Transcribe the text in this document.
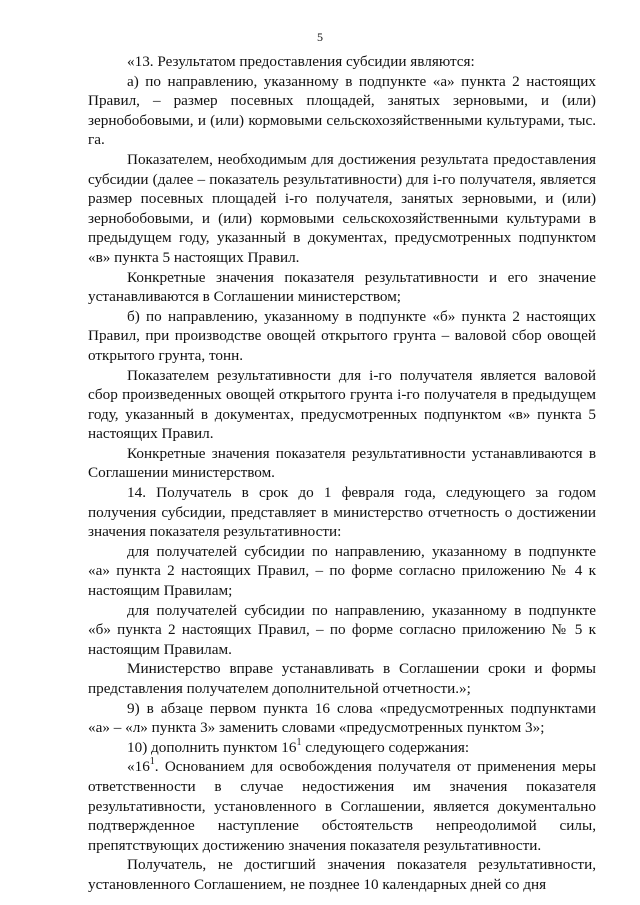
5

«13. Результатом предоставления субсидии являются:

а) по направлению, указанному в подпункте «а» пункта 2 настоящих Правил, – размер посевных площадей, занятых зерновыми, и (или) зернобобовыми, и (или) кормовыми сельскохозяйственными культурами, тыс. га.

Показателем, необходимым для достижения результата предоставления субсидии (далее – показатель результативности) для i-го получателя, является размер посевных площадей i-го получателя, занятых зерновыми, и (или) зернобобовыми, и (или) кормовыми сельскохозяйственными культурами в предыдущем году, указанный в документах, предусмотренных подпунктом «в» пункта 5 настоящих Правил.

Конкретные значения показателя результативности и его значение устанавливаются в Соглашении министерством;

б) по направлению, указанному в подпункте «б» пункта 2 настоящих Правил, при производстве овощей открытого грунта – валовой сбор овощей открытого грунта, тонн.

Показателем результативности для i-го получателя является валовой сбор произведенных овощей открытого грунта i-го получателя в предыдущем году, указанный в документах, предусмотренных подпунктом «в» пункта 5 настоящих Правил.

Конкретные значения показателя результативности устанавливаются в Соглашении министерством.

14. Получатель в срок до 1 февраля года, следующего за годом получения субсидии, представляет в министерство отчетность о достижении значения показателя результативности:

для получателей субсидии по направлению, указанному в подпункте «а» пункта 2 настоящих Правил, – по форме согласно приложению № 4 к настоящим Правилам;

для получателей субсидии по направлению, указанному в подпункте «б» пункта 2 настоящих Правил, – по форме согласно приложению № 5 к настоящим Правилам.

Министерство вправе устанавливать в Соглашении сроки и формы представления получателем дополнительной отчетности.»;

9) в абзаце первом пункта 16 слова «предусмотренных подпунктами «а» – «л» пункта 3» заменить словами «предусмотренных пунктом 3»;

10) дополнить пунктом $16^1$ следующего содержания:

«$16^1$. Основанием для освобождения получателя от применения меры ответственности в случае недостижения им значения показателя результативности, установленного в Соглашении, является документально подтвержденное наступление обстоятельств непреодолимой силы, препятствующих достижению значения показателя результативности.

Получатель, не достигший значения показателя результативности, установленного Соглашением, не позднее 10 календарных дней со дня
